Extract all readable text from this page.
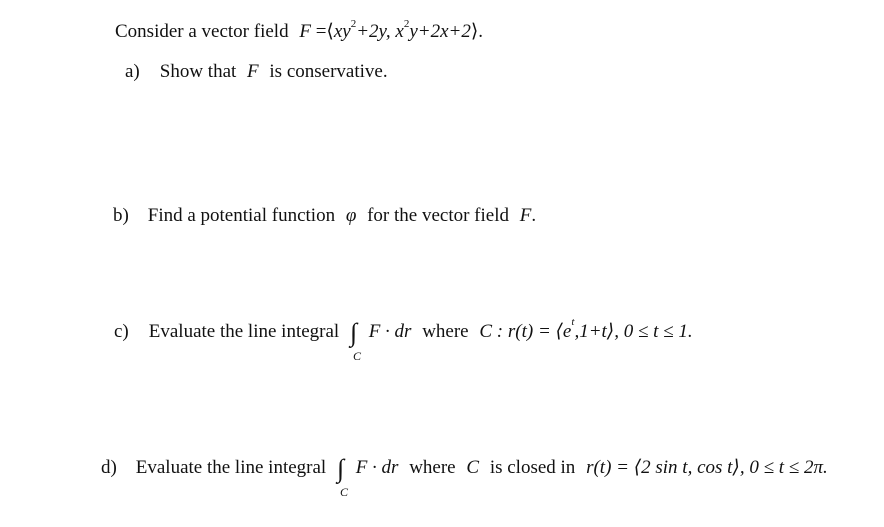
Consider a vector field $F =⟨xy^2+2y$, $x^2y+2x+2⟩$.
a) Show that F is conservative.
b) Find a potential function φ for the vector field F.
c) Evaluate the line integral ∫
C
F · dr where C : $r(t) = ⟨e^t,1+t⟩$, 0 ≤ t ≤ 1.
d) Evaluate the line integral ∫
C
F · dr where C is closed in r(t) = ⟨2 sin t, cos t⟩, 0 ≤ t ≤ 2π.
